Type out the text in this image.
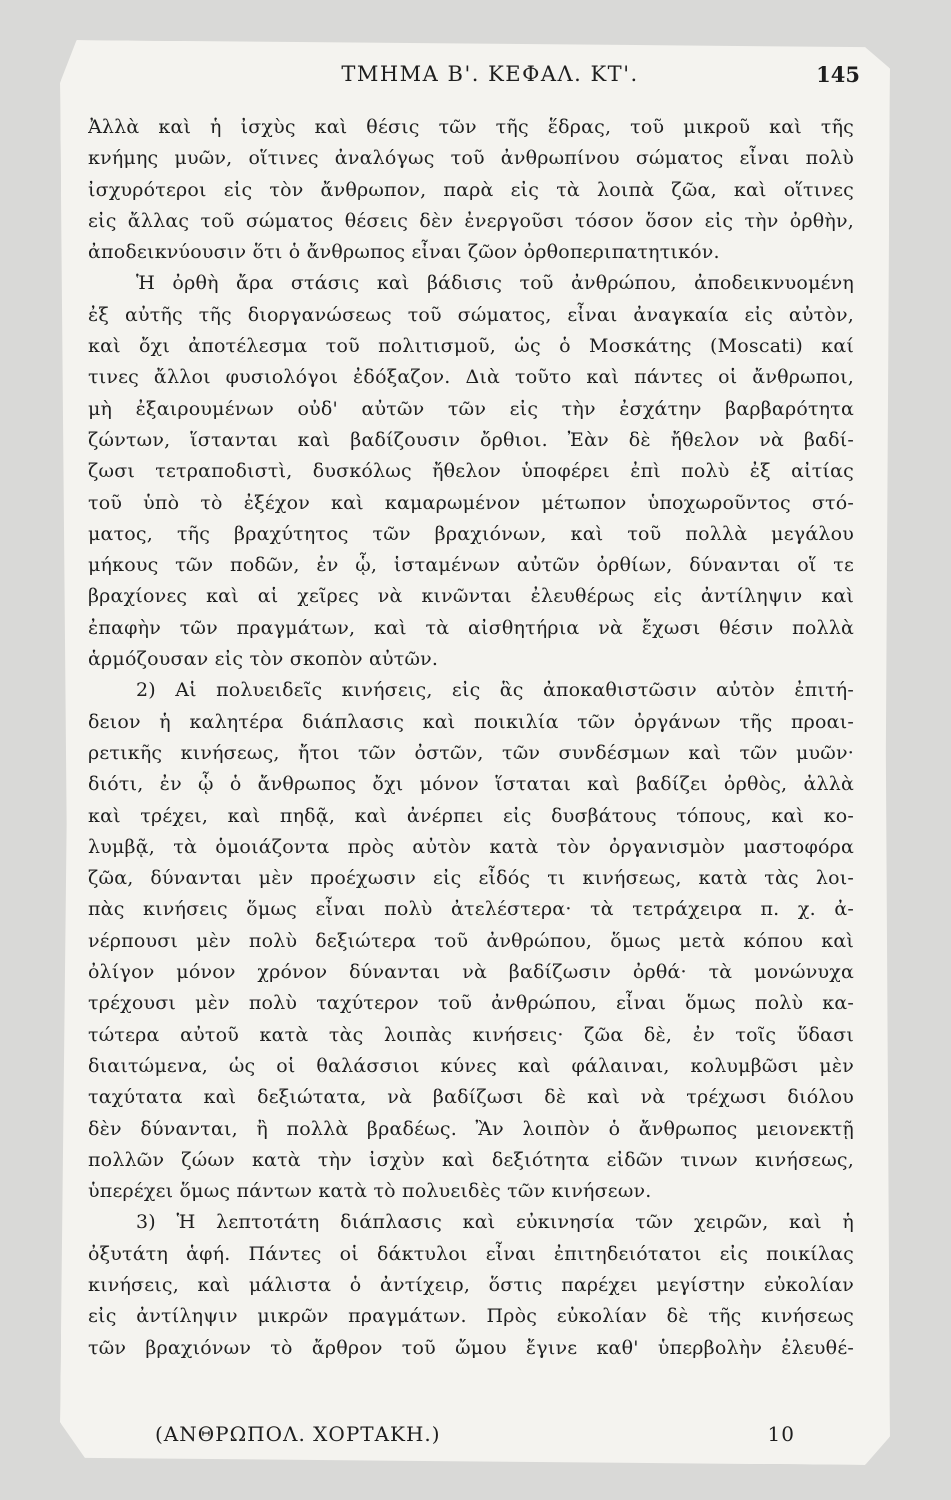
ΤΜΗΜΑ Β'. ΚΕΦΑΛ. ΚΤ'.	145
Ἀλλὰ καὶ ἡ ἰσχὺς καὶ θέσις τῶν τῆς ἕδρας, τοῦ μικροῦ καὶ τῆς
κνήμης μυῶν, οἵτινες ἀναλόγως τοῦ ἀνθρωπίνου σώματος εἶναι πολὺ
ἰσχυρότεροι εἰς τὸν ἄνθρωπον, παρὰ εἰς τὰ λοιπὰ ζῶα, καὶ οἵτινες
εἰς ἄλλας τοῦ σώματος θέσεις δὲν ἐνεργοῦσι τόσον ὅσον εἰς τὴν ὀρθὴν,
ἀποδεικνύουσιν ὅτι ὁ ἄνθρωπος εἶναι ζῶον ὀρθοπεριπατητικόν.
Ἡ ὀρθὴ ἄρα στάσις καὶ βάδισις τοῦ ἀνθρώπου, ἀποδεικνυομένη
ἐξ αὐτῆς τῆς διοργανώσεως τοῦ σώματος, εἶναι ἀναγκαία εἰς αὐτὸν,
καὶ ὄχι ἀποτέλεσμα τοῦ πολιτισμοῦ, ὡς ὁ Μοσκάτης (Moscati) καί
τινες ἄλλοι φυσιολόγοι ἐδόξαζον. Διὰ τοῦτο καὶ πάντες οἱ ἄνθρωποι,
μὴ ἐξαιρουμένων οὐδ' αὐτῶν τῶν εἰς τὴν ἐσχάτην βαρβαρότητα
ζώντων, ἵστανται καὶ βαδίζουσιν ὄρθιοι. Ἐὰν δὲ ἤθελον νὰ βαδί-
ζωσι τετραποδιστὶ, δυσκόλως ἤθελον ὑποφέρει ἐπὶ πολὺ ἐξ αἰτίας
τοῦ ὑπὸ τὸ ἐξέχον καὶ καμαρωμένον μέτωπον ὑποχωροῦντος στό-
ματος, τῆς βραχύτητος τῶν βραχιόνων, καὶ τοῦ πολλὰ μεγάλου
μήκους τῶν ποδῶν, ἐν ᾧ, ἱσταμένων αὐτῶν ὀρθίων, δύνανται οἵ τε
βραχίονες καὶ αἱ χεῖρες νὰ κινῶνται ἐλευθέρως εἰς ἀντίληψιν καὶ
ἐπαφὴν τῶν πραγμάτων, καὶ τὰ αἰσθητήρια νὰ ἔχωσι θέσιν πολλὰ
ἁρμόζουσαν εἰς τὸν σκοπὸν αὐτῶν.
2) Αἱ πολυειδεῖς κινήσεις, εἰς ἃς ἀποκαθιστῶσιν αὐτὸν ἐπιτή-
δειον ἡ καλητέρα διάπλασις καὶ ποικιλία τῶν ὀργάνων τῆς προαι-
ρετικῆς κινήσεως, ἤτοι τῶν ὀστῶν, τῶν συνδέσμων καὶ τῶν μυῶν·
διότι, ἐν ᾧ ὁ ἄνθρωπος ὄχι μόνον ἵσταται καὶ βαδίζει ὀρθὸς, ἀλλὰ
καὶ τρέχει, καὶ πηδᾷ, καὶ ἀνέρπει εἰς δυσβάτους τόπους, καὶ κο-
λυμβᾷ, τὰ ὁμοιάζοντα πρὸς αὐτὸν κατὰ τὸν ὀργανισμὸν μαστοφόρα
ζῶα, δύνανται μὲν προέχωσιν εἰς εἶδός τι κινήσεως, κατὰ τὰς λοι-
πὰς κινήσεις ὅμως εἶναι πολὺ ἀτελέστερα· τὰ τετράχειρα π. χ. ἀ-
νέρπουσι μὲν πολὺ δεξιώτερα τοῦ ἀνθρώπου, ὅμως μετὰ κόπου καὶ
ὀλίγον μόνον χρόνον δύνανται νὰ βαδίζωσιν ὀρθά· τὰ μονώνυχα
τρέχουσι μὲν πολὺ ταχύτερον τοῦ ἀνθρώπου, εἶναι ὅμως πολὺ κα-
τώτερα αὐτοῦ κατὰ τὰς λοιπὰς κινήσεις· ζῶα δὲ, ἐν τοῖς ὕδασι
διαιτώμενα, ὡς οἱ θαλάσσιοι κύνες καὶ φάλαιναι, κολυμβῶσι μὲν
ταχύτατα καὶ δεξιώτατα, νὰ βαδίζωσι δὲ καὶ νὰ τρέχωσι διόλου
δὲν δύνανται, ἢ πολλὰ βραδέως. Ἂν λοιπὸν ὁ ἄνθρωπος μειονεκτῇ
πολλῶν ζώων κατὰ τὴν ἰσχὺν καὶ δεξιότητα εἰδῶν τινων κινήσεως,
ὑπερέχει ὅμως πάντων κατὰ τὸ πολυειδὲς τῶν κινήσεων.
3) Ἡ λεπτοτάτη διάπλασις καὶ εὐκινησία τῶν χειρῶν, καὶ ἡ
ὀξυτάτη ἁφή. Πάντες οἱ δάκτυλοι εἶναι ἐπιτηδειότατοι εἰς ποικίλας
κινήσεις, καὶ μάλιστα ὁ ἀντίχειρ, ὅστις παρέχει μεγίστην εὐκολίαν
εἰς ἀντίληψιν μικρῶν πραγμάτων. Πρὸς εὐκολίαν δὲ τῆς κινήσεως
τῶν βραχιόνων τὸ ἄρθρον τοῦ ὤμου ἔγινε καθ' ὑπερβολὴν ἐλευθέ-
(ΑΝΘΡΩΠΟΛ. ΧΟΡΤΑΚΗ.)	10
